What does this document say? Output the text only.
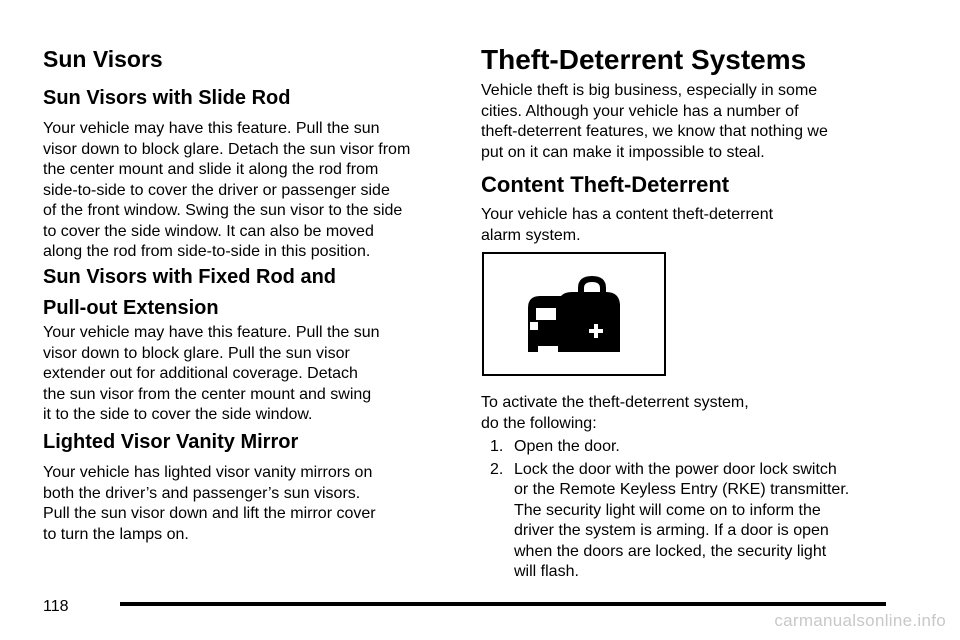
Sun Visors
Sun Visors with Slide Rod

Your vehicle may have this feature. Pull the sun
visor down to block glare. Detach the sun visor from
the center mount and slide it along the rod from
side-to-side to cover the driver or passenger side
of the front window. Swing the sun visor to the side
to cover the side window. It can also be moved
along the rod from side-to-side in this position.

Sun Visors with Fixed Rod and
Pull-out Extension

Your vehicle may have this feature. Pull the sun
visor down to block glare. Pull the sun visor
extender out for additional coverage. Detach
the sun visor from the center mount and swing
it to the side to cover the side window.

Lighted Visor Vanity Mirror

Your vehicle has lighted visor vanity mirrors on
both the driver’s and passenger’s sun visors.
Pull the sun visor down and lift the mirror cover
to turn the lamps on.

Theft-Deterrent Systems

Vehicle theft is big business, especially in some
cities. Although your vehicle has a number of
theft-deterrent features, we know that nothing we
put on it can make it impossible to steal.

Content Theft-Deterrent

Your vehicle has a content theft-deterrent
alarm system.

To activate the theft-deterrent system,
do the following:

1. Open the door.
2. Lock the door with the power door lock switch
or the Remote Keyless Entry (RKE) transmitter.
The security light will come on to inform the
driver the system is arming. If a door is open
when the doors are locked, the security light
will flash.
118
carmanualsonline.info
